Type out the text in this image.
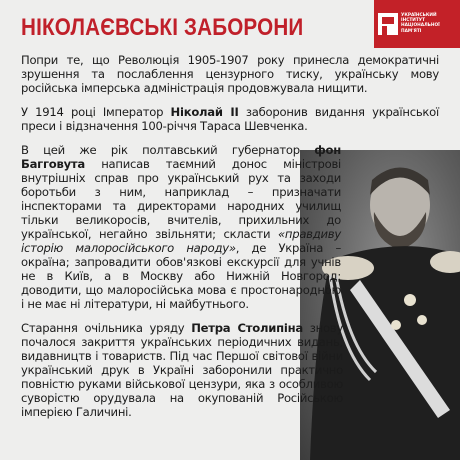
НІКОЛАЄВСЬКІ ЗАБОРОНИ	УКРАЇНСЬКИЙ
ІНСТИТУТ
НАЦІОНАЛЬНОЇ
ПАМ'ЯТІ

Попри те, що Революція 1905-1907 року принесла демократичні зрушення та послаблення цензурного тиску, українську мову російська імперська адміністрація продовжувала нищити.

У 1914 році Імператор Ніколай II заборонив видання української преси і відзначення 100-річчя Тараса Шевченка.

В цей же рік полтавський губернатор фон Багговута написав таємний донос міністрові внутрішніх справ про український рух та заходи боротьби з ним, наприклад – призначати інспекторами та директорами народних училищ тільки великоросів, вчителів, прихильних до української, негайно звільняти; скласти «правдиву історію малоросійського народу», де Україна – окраїна; запровадити обов'язкові екскурсії для учнів не в Київ, а в Москву або Нижній Новгород; доводити, що малоросійська мова є простонародною і не має ні літератури, ні майбутнього.

Старання очільника уряду Петра Столипіна знову почалося закриття українських періодичних видань, видавництв і товариств. Під час Першої світової війни український друк в Україні заборонили практично повністю руками військової цензури, яка з особливою суворістю орудувала на окупованій Російською імперією Галичині.
